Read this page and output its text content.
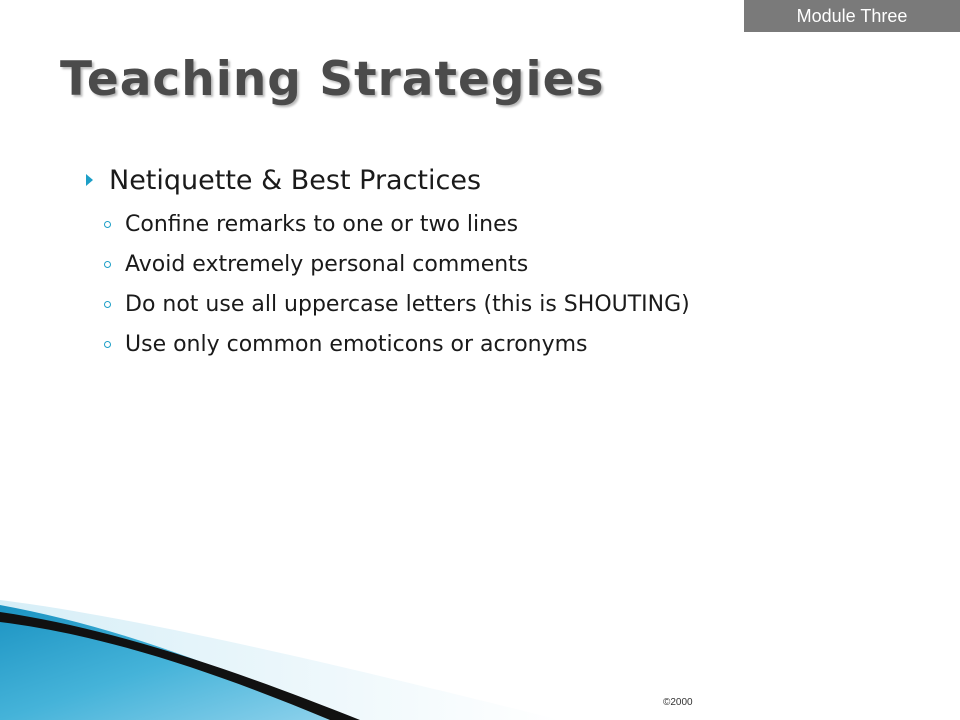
Module Three
Teaching Strategies
Netiquette & Best Practices
Confine remarks to one or two lines
Avoid extremely personal comments
Do not use all uppercase letters (this is SHOUTING)
Use only common emoticons or acronyms
©2000
